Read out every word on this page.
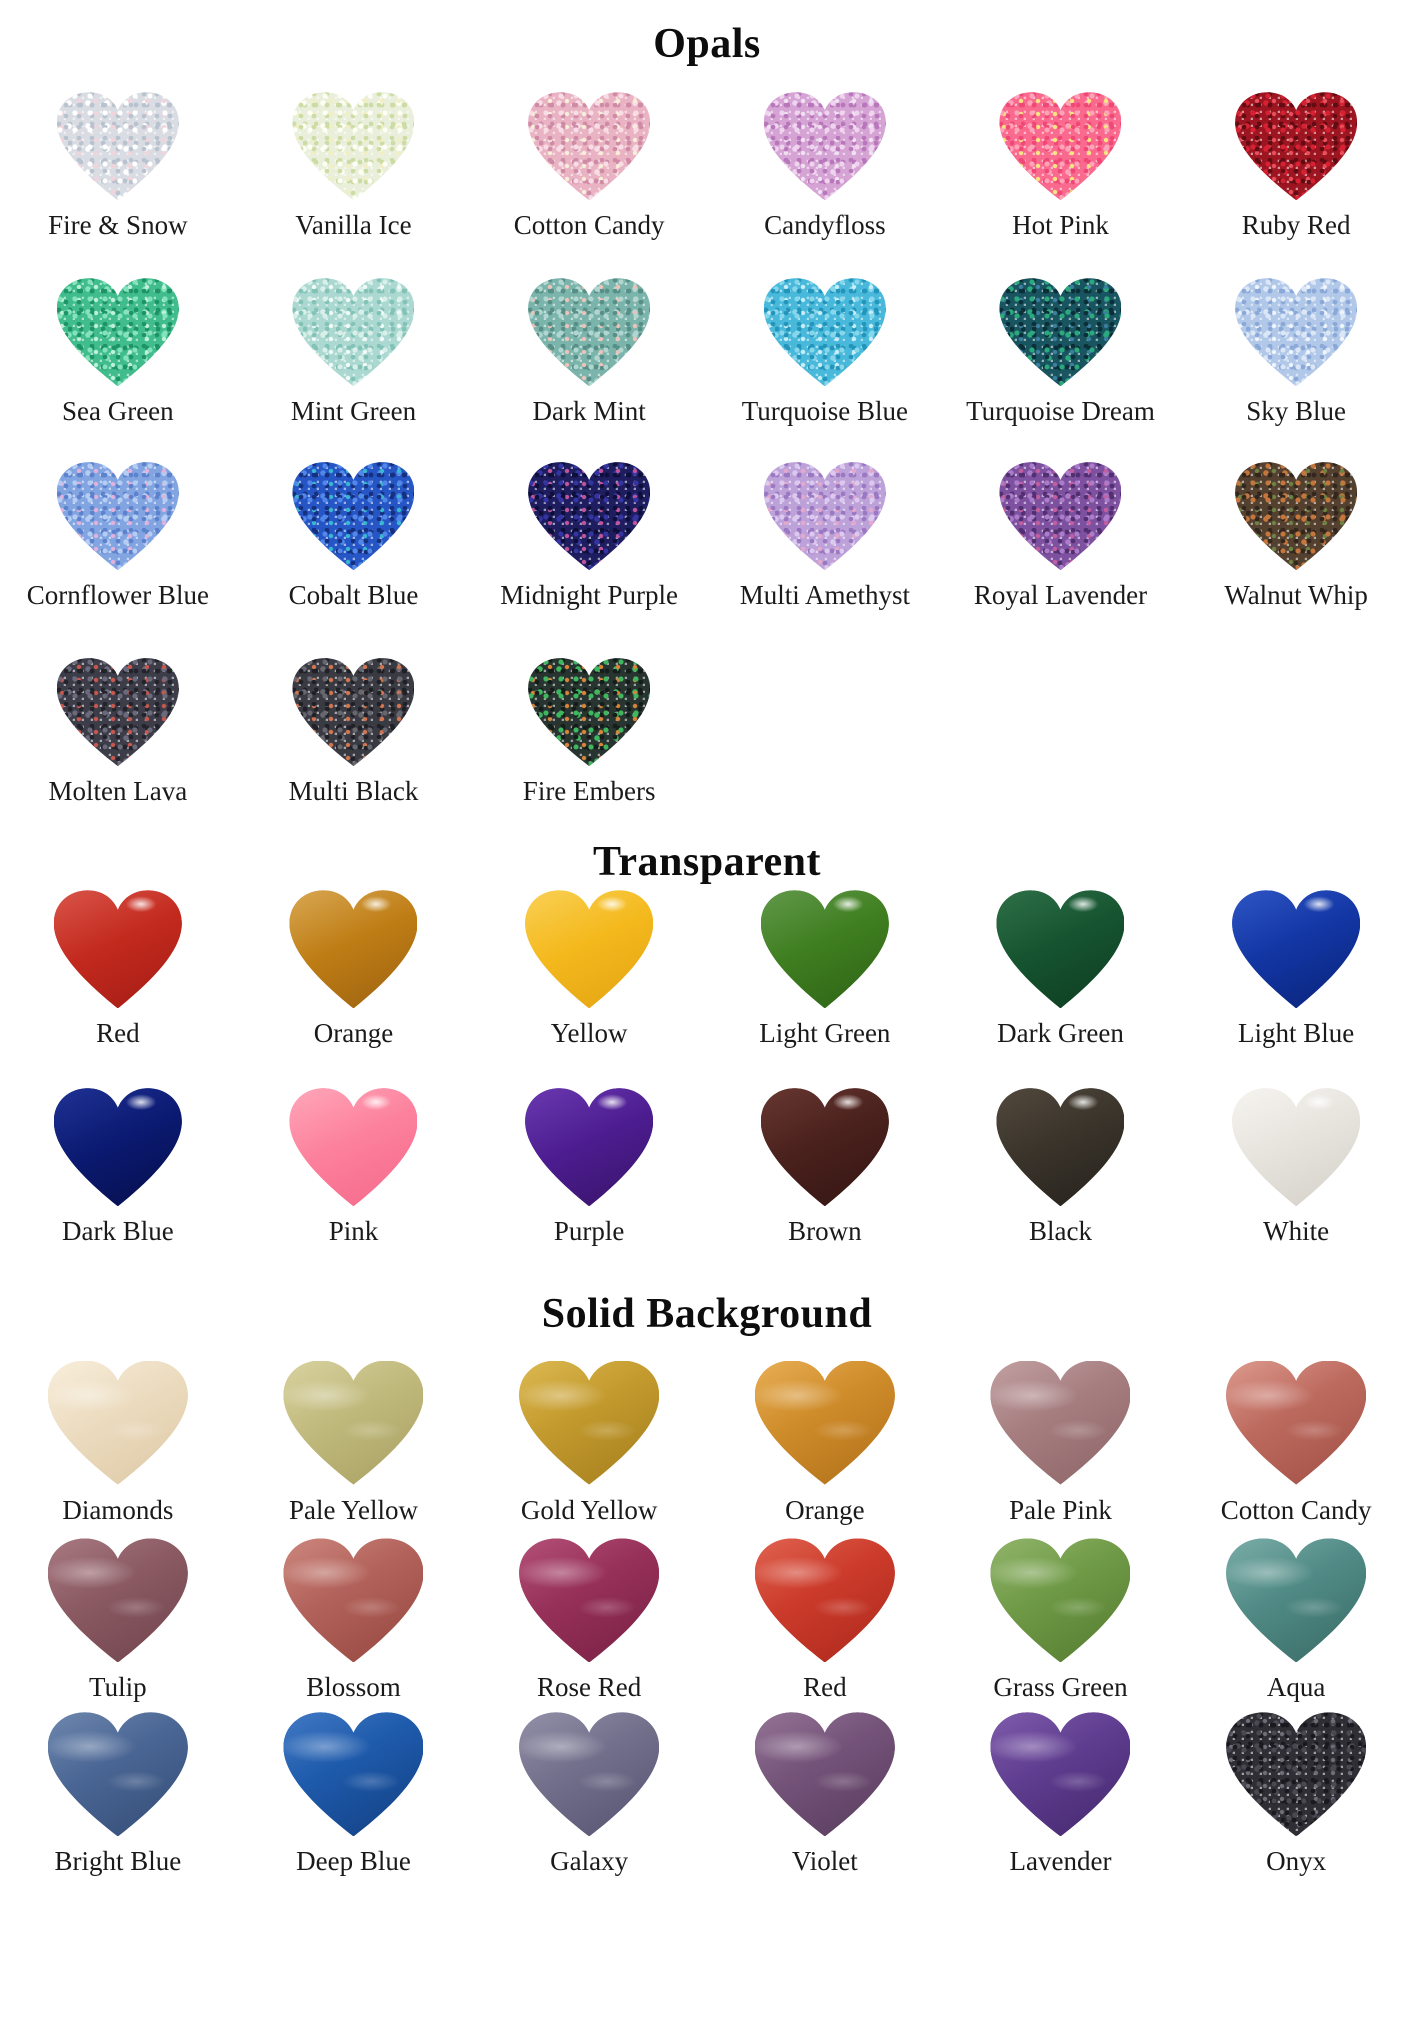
Opals
Fire & Snow	Vanilla Ice	Cotton Candy	Candyfloss	Hot Pink	Ruby Red
Sea Green	Mint Green	Dark Mint	Turquoise Blue Turquoise Dream	Sky Blue
Cornflower Blue	Cobalt Blue	Midnight Purple Multi Amethyst Royal Lavender	Walnut Whip
Molten Lava	Multi Black	Fire Embers
Transparent
Red	Orange	Yellow	Light Green	Dark Green	Light Blue
Dark Blue	Pink	Purple	Brown	Black	White
Solid Background
Diamonds	Pale Yellow	Gold Yellow	Orange	Pale Pink	Cotton Candy
Tulip	Blossom	Rose Red	Red	Grass Green	Aqua
Bright Blue	Deep Blue	Galaxy	Violet	Lavender	Onyx
